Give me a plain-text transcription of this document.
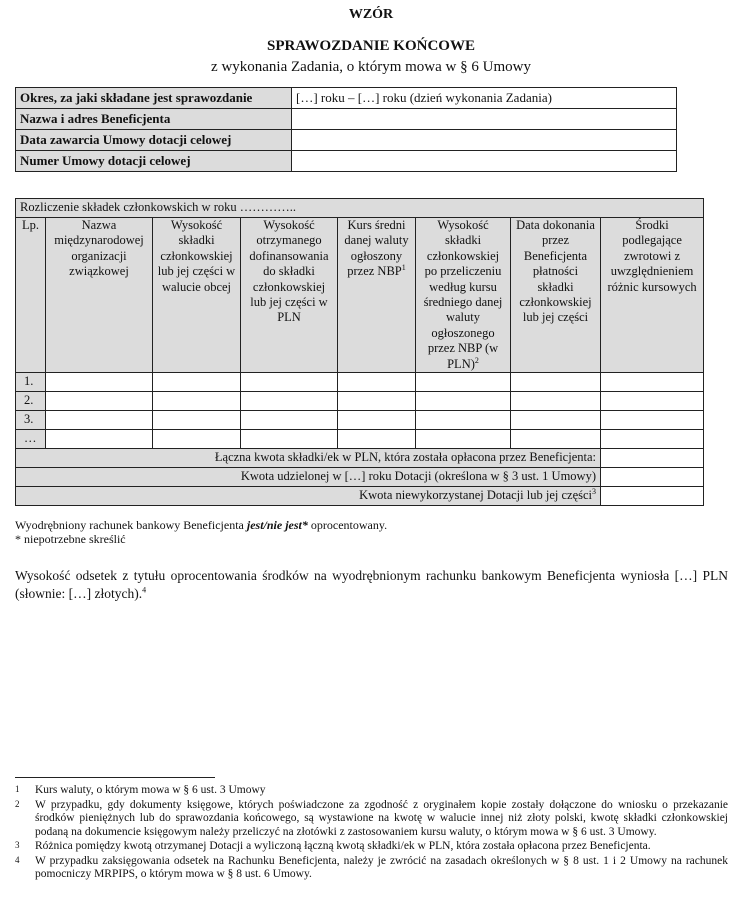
WZÓR
SPRAWOZDANIE KOŃCOWE
z wykonania Zadania, o którym mowa w § 6 Umowy
Okres, za jaki składane jest sprawozdanie	[…] roku – […] roku (dzień wykonania Zadania)
Nazwa i adres Beneficjenta	
Data zawarcia Umowy dotacji celowej	
Numer Umowy dotacji celowej	
Rozliczenie składek członkowskich w roku …………..							
Lp.	Nazwa międzynarodowej organizacji związkowej	Wysokość składki członkowskiej lub jej części w walucie obcej	Wysokość otrzymanego dofinansowania do składki członkowskiej lub jej części w PLN	Kurs średni danej waluty ogłoszony przez NBP$^1$	Wysokość składki członkowskiej po przeliczeniu według kursu średniego danej waluty ogłoszonego przez NBP (w PLN)$^2$	Data dokonania przez Beneficjenta płatności składki członkowskiej lub jej części	Środki podlegające zwrotowi z uwzględnieniem różnic kursowych
1.							
2.							
3.							
…							
Łączna kwota składki/ek w PLN, która została opłacona przez Beneficjenta:							
Kwota udzielonej w […] roku Dotacji (określona w § 3 ust. 1 Umowy)							
Kwota niewykorzystanej Dotacji lub jej części$^3$	
Wyodrębniony rachunek bankowy Beneficjenta jest/nie jest* oprocentowany.
* niepotrzebne skreślić
Wysokość odsetek z tytułu oprocentowania środków na wyodrębnionym rachunku bankowym Beneficjenta wyniosła […] PLN (słownie: […] złotych).$^4$
1	Kurs waluty, o którym mowa w § 6 ust. 3 Umowy
2	W przypadku, gdy dokumenty księgowe, których poświadczone za zgodność z oryginałem kopie zostały dołączone do wniosku o przekazanie środków pieniężnych lub do sprawozdania końcowego, są wystawione na kwotę w walucie innej niż złoty polski, kwotę składki członkowskiej podaną na dokumencie księgowym należy przeliczyć na złotówki z zastosowaniem kursu waluty, o którym mowa w § 6 ust. 3 Umowy.
3	Różnica pomiędzy kwotą otrzymanej Dotacji a wyliczoną łączną kwotą składki/ek w PLN, która została opłacona przez Beneficjenta.
4	W przypadku zaksięgowania odsetek na Rachunku Beneficjenta, należy je zwrócić na zasadach określonych w § 8 ust. 1 i 2 Umowy na rachunek pomocniczy MRPIPS, o którym mowa w § 8 ust. 6 Umowy.
